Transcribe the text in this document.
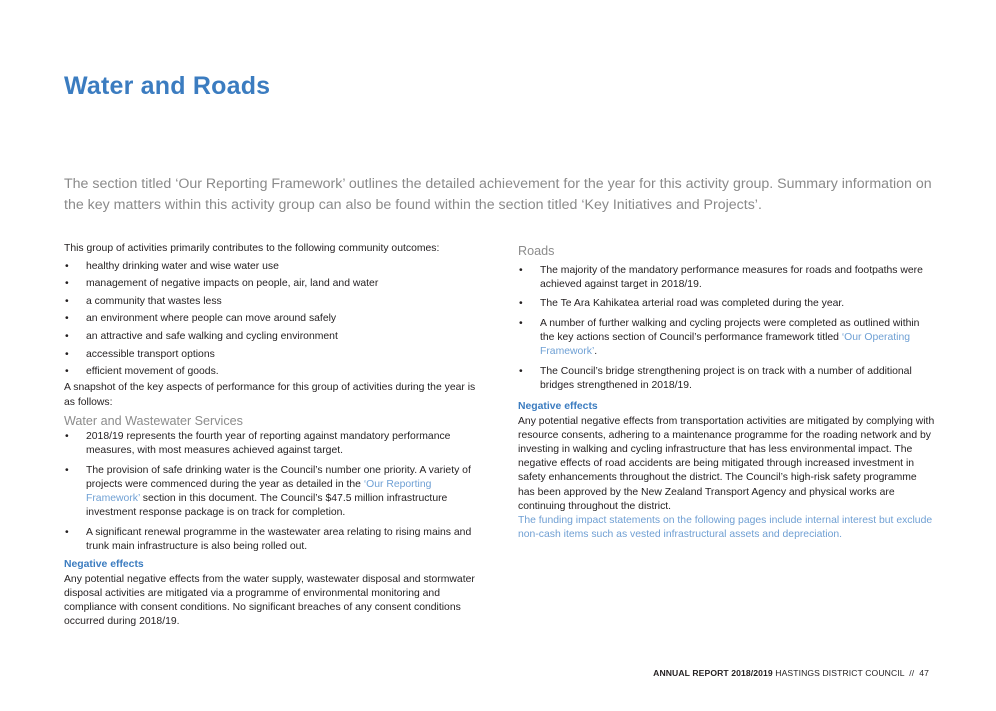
Water and Roads

The section titled ‘Our Reporting Framework’ outlines the detailed achievement for the year for this activity group. Summary information on the key matters within this activity group can also be found within the section titled ‘Key Initiatives and Projects’.

This group of activities primarily contributes to the following community outcomes:

• healthy drinking water and wise water use
• management of negative impacts on people, air, land and water
• a community that wastes less
• an environment where people can move around safely
• an attractive and safe walking and cycling environment
• accessible transport options
• efficient movement of goods.

A snapshot of the key aspects of performance for this group of activities during the year is as follows:

Water and Wastewater Services
• 2018/19 represents the fourth year of reporting against mandatory performance measures, with most measures achieved against target.
• The provision of safe drinking water is the Council’s number one priority. A variety of projects were commenced during the year as detailed in the ‘Our Reporting Framework’ section in this document. The Council’s $47.5 million infrastructure investment response package is on track for completion.
• A significant renewal programme in the wastewater area relating to rising mains and trunk main infrastructure is also being rolled out.
Negative effects

Any potential negative effects from the water supply, wastewater disposal and stormwater disposal activities are mitigated via a programme of environmental monitoring and compliance with consent conditions. No significant breaches of any consent conditions occurred during 2018/19.

Roads
• The majority of the mandatory performance measures for roads and footpaths were achieved against target in 2018/19.
• The Te Ara Kahikatea arterial road was completed during the year.
• A number of further walking and cycling projects were completed as outlined within the key actions section of Council’s performance framework titled ‘Our Operating Framework’.
• The Council’s bridge strengthening project is on track with a number of additional bridges strengthened in 2018/19.
Negative effects

Any potential negative effects from transportation activities are mitigated by complying with resource consents, adhering to a maintenance programme for the roading network and by investing in walking and cycling infrastructure that has less environmental impact. The negative effects of road accidents are being mitigated through increased investment in safety enhancements throughout the district. The Council’s high-risk safety programme has been approved by the New Zealand Transport Agency and physical works are continuing throughout the district.

The funding impact statements on the following pages include internal interest but exclude non-cash items such as vested infrastructural assets and depreciation.

ANNUAL REPORT 2018/2019 HASTINGS DISTRICT COUNCIL  //  47
